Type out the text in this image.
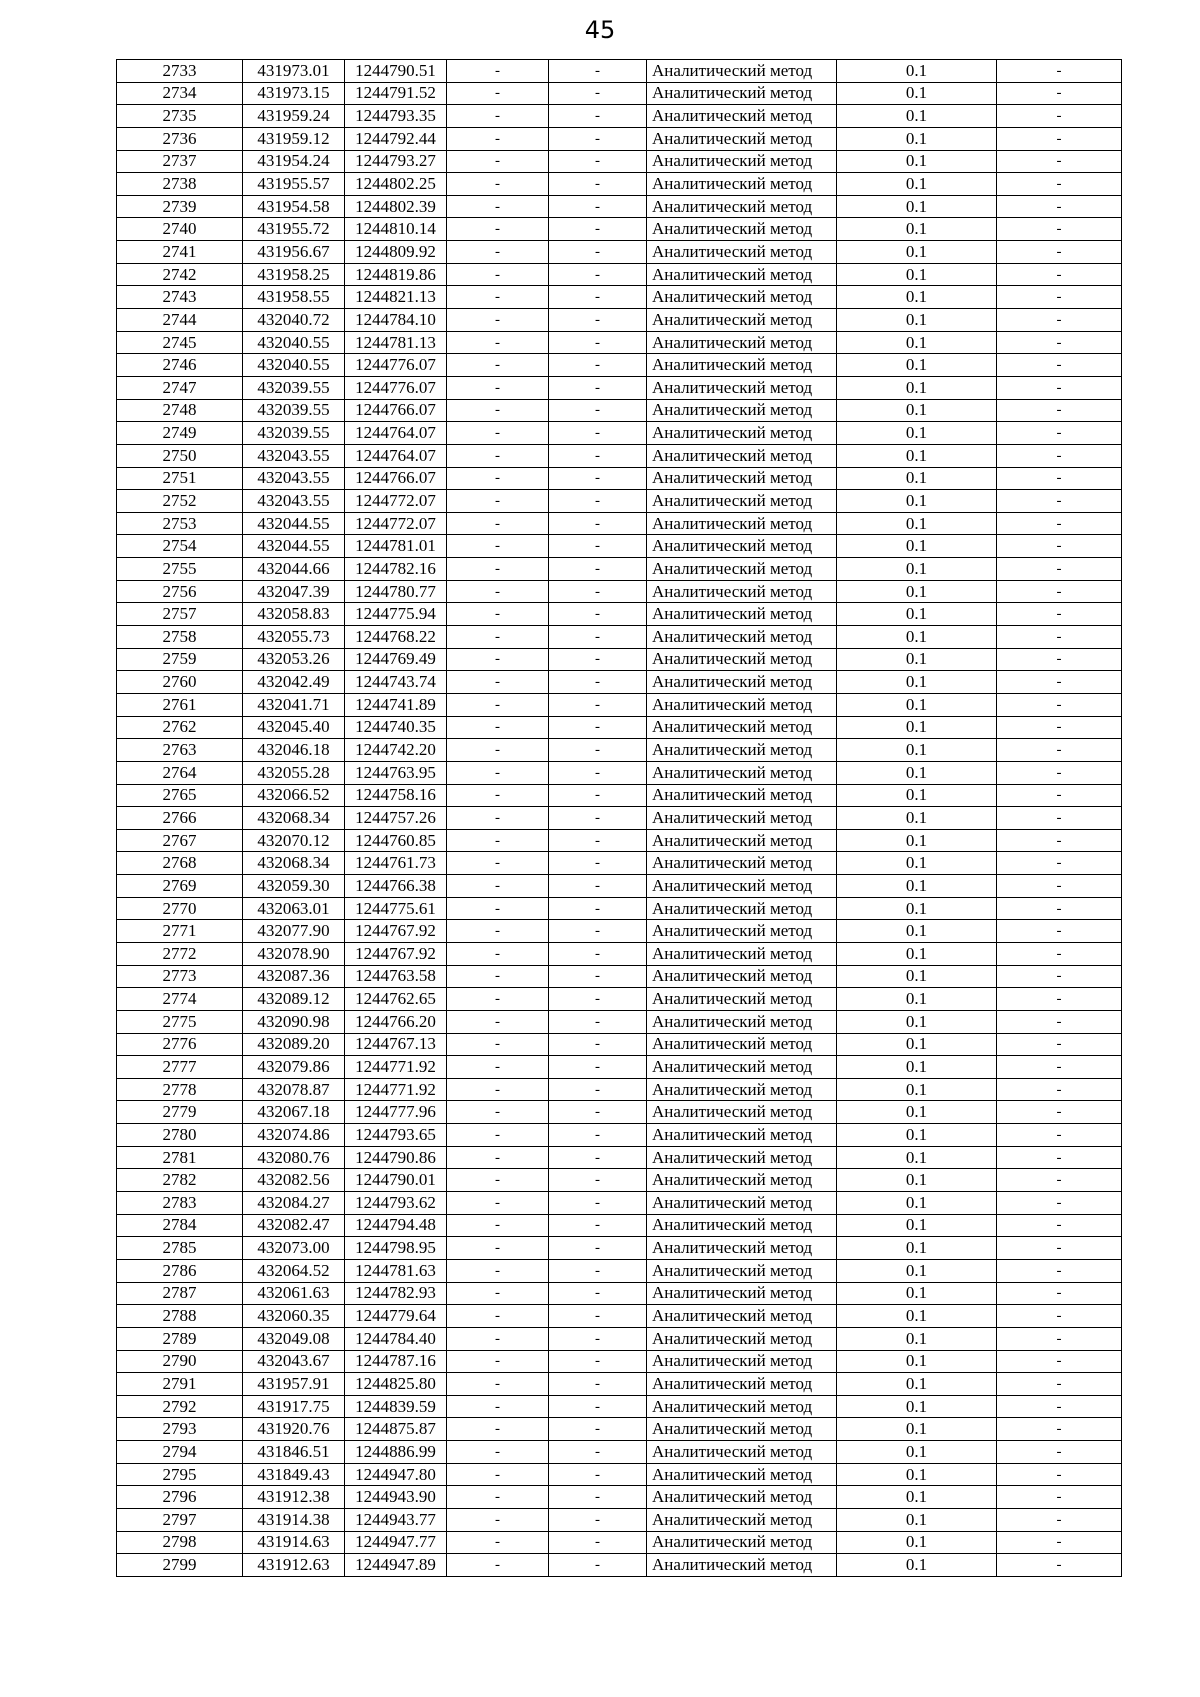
45
2733	431973.01	1244790.51	-	-	Аналитический метод	0.1	-
2734	431973.15	1244791.52	-	-	Аналитический метод	0.1	-
2735	431959.24	1244793.35	-	-	Аналитический метод	0.1	-
2736	431959.12	1244792.44	-	-	Аналитический метод	0.1	-
2737	431954.24	1244793.27	-	-	Аналитический метод	0.1	-
2738	431955.57	1244802.25	-	-	Аналитический метод	0.1	-
2739	431954.58	1244802.39	-	-	Аналитический метод	0.1	-
2740	431955.72	1244810.14	-	-	Аналитический метод	0.1	-
2741	431956.67	1244809.92	-	-	Аналитический метод	0.1	-
2742	431958.25	1244819.86	-	-	Аналитический метод	0.1	-
2743	431958.55	1244821.13	-	-	Аналитический метод	0.1	-
2744	432040.72	1244784.10	-	-	Аналитический метод	0.1	-
2745	432040.55	1244781.13	-	-	Аналитический метод	0.1	-
2746	432040.55	1244776.07	-	-	Аналитический метод	0.1	-
2747	432039.55	1244776.07	-	-	Аналитический метод	0.1	-
2748	432039.55	1244766.07	-	-	Аналитический метод	0.1	-
2749	432039.55	1244764.07	-	-	Аналитический метод	0.1	-
2750	432043.55	1244764.07	-	-	Аналитический метод	0.1	-
2751	432043.55	1244766.07	-	-	Аналитический метод	0.1	-
2752	432043.55	1244772.07	-	-	Аналитический метод	0.1	-
2753	432044.55	1244772.07	-	-	Аналитический метод	0.1	-
2754	432044.55	1244781.01	-	-	Аналитический метод	0.1	-
2755	432044.66	1244782.16	-	-	Аналитический метод	0.1	-
2756	432047.39	1244780.77	-	-	Аналитический метод	0.1	-
2757	432058.83	1244775.94	-	-	Аналитический метод	0.1	-
2758	432055.73	1244768.22	-	-	Аналитический метод	0.1	-
2759	432053.26	1244769.49	-	-	Аналитический метод	0.1	-
2760	432042.49	1244743.74	-	-	Аналитический метод	0.1	-
2761	432041.71	1244741.89	-	-	Аналитический метод	0.1	-
2762	432045.40	1244740.35	-	-	Аналитический метод	0.1	-
2763	432046.18	1244742.20	-	-	Аналитический метод	0.1	-
2764	432055.28	1244763.95	-	-	Аналитический метод	0.1	-
2765	432066.52	1244758.16	-	-	Аналитический метод	0.1	-
2766	432068.34	1244757.26	-	-	Аналитический метод	0.1	-
2767	432070.12	1244760.85	-	-	Аналитический метод	0.1	-
2768	432068.34	1244761.73	-	-	Аналитический метод	0.1	-
2769	432059.30	1244766.38	-	-	Аналитический метод	0.1	-
2770	432063.01	1244775.61	-	-	Аналитический метод	0.1	-
2771	432077.90	1244767.92	-	-	Аналитический метод	0.1	-
2772	432078.90	1244767.92	-	-	Аналитический метод	0.1	-
2773	432087.36	1244763.58	-	-	Аналитический метод	0.1	-
2774	432089.12	1244762.65	-	-	Аналитический метод	0.1	-
2775	432090.98	1244766.20	-	-	Аналитический метод	0.1	-
2776	432089.20	1244767.13	-	-	Аналитический метод	0.1	-
2777	432079.86	1244771.92	-	-	Аналитический метод	0.1	-
2778	432078.87	1244771.92	-	-	Аналитический метод	0.1	-
2779	432067.18	1244777.96	-	-	Аналитический метод	0.1	-
2780	432074.86	1244793.65	-	-	Аналитический метод	0.1	-
2781	432080.76	1244790.86	-	-	Аналитический метод	0.1	-
2782	432082.56	1244790.01	-	-	Аналитический метод	0.1	-
2783	432084.27	1244793.62	-	-	Аналитический метод	0.1	-
2784	432082.47	1244794.48	-	-	Аналитический метод	0.1	-
2785	432073.00	1244798.95	-	-	Аналитический метод	0.1	-
2786	432064.52	1244781.63	-	-	Аналитический метод	0.1	-
2787	432061.63	1244782.93	-	-	Аналитический метод	0.1	-
2788	432060.35	1244779.64	-	-	Аналитический метод	0.1	-
2789	432049.08	1244784.40	-	-	Аналитический метод	0.1	-
2790	432043.67	1244787.16	-	-	Аналитический метод	0.1	-
2791	431957.91	1244825.80	-	-	Аналитический метод	0.1	-
2792	431917.75	1244839.59	-	-	Аналитический метод	0.1	-
2793	431920.76	1244875.87	-	-	Аналитический метод	0.1	-
2794	431846.51	1244886.99	-	-	Аналитический метод	0.1	-
2795	431849.43	1244947.80	-	-	Аналитический метод	0.1	-
2796	431912.38	1244943.90	-	-	Аналитический метод	0.1	-
2797	431914.38	1244943.77	-	-	Аналитический метод	0.1	-
2798	431914.63	1244947.77	-	-	Аналитический метод	0.1	-
2799	431912.63	1244947.89	-	-	Аналитический метод	0.1	-
